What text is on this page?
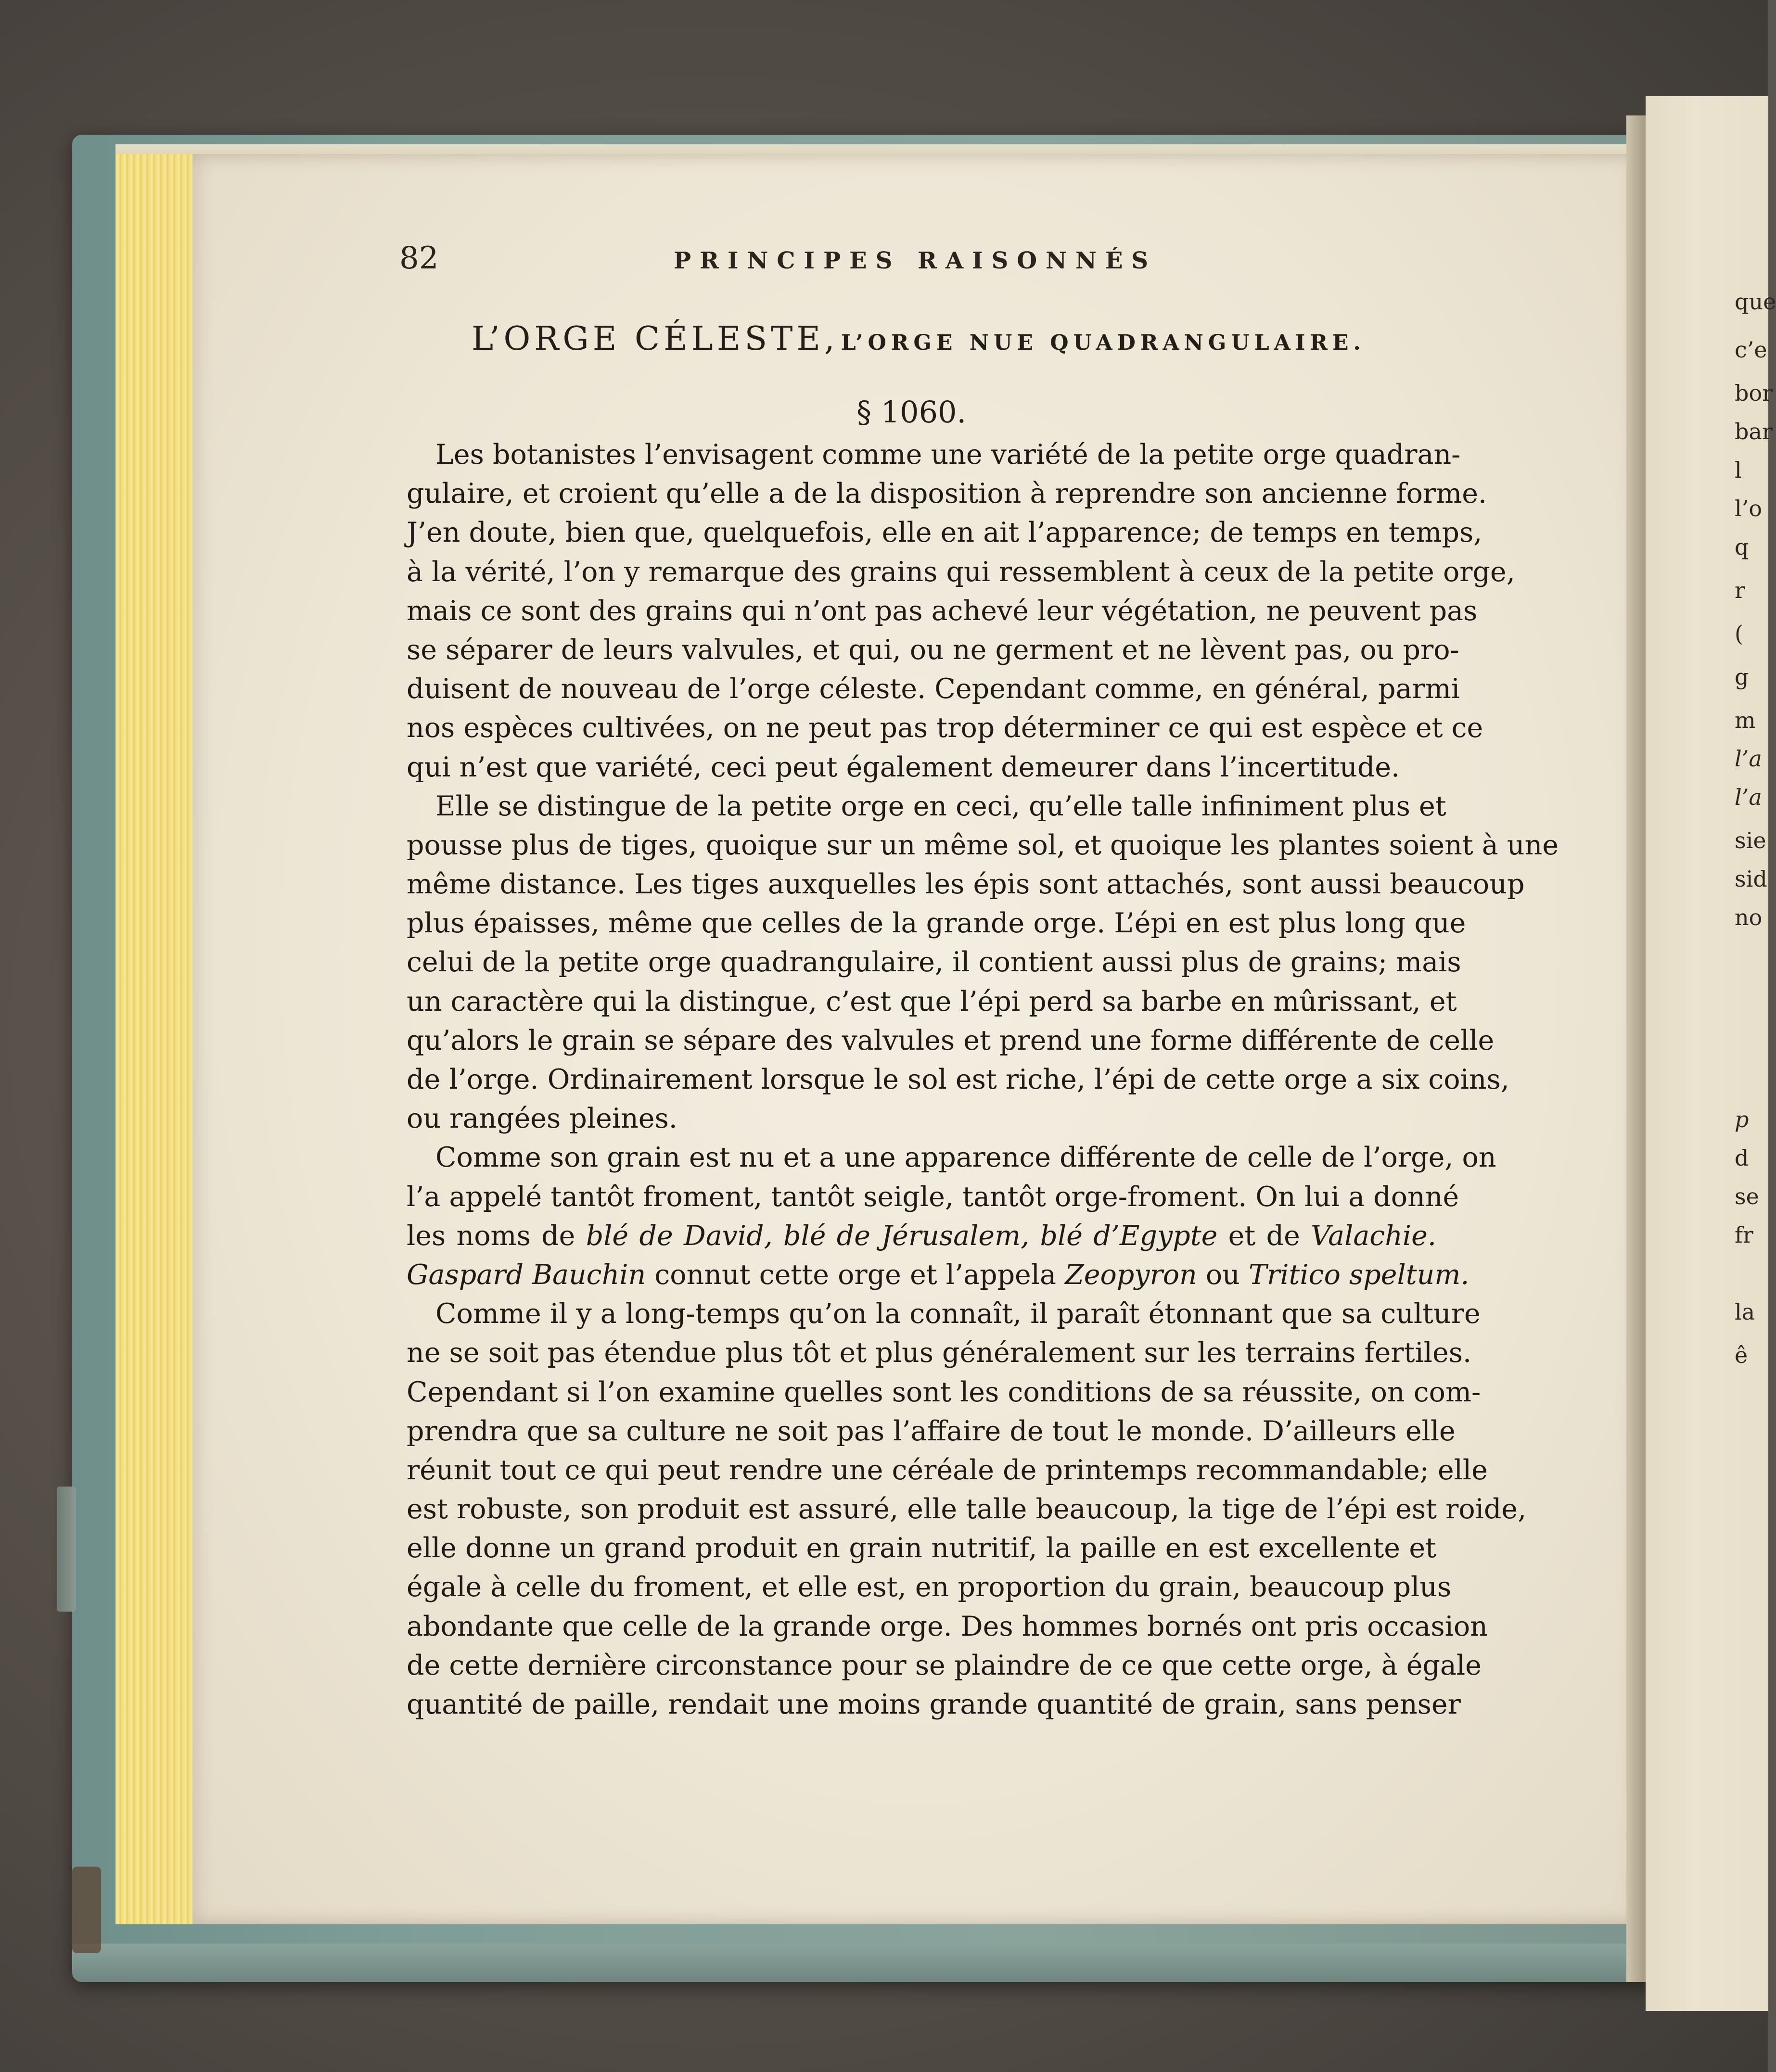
que
c’e
bor
bar
l
l’o
q
r
(
g
m
l’a
l’a
sie
sid
no
p
d
se
fr
la
ê
82	PRINCIPES RAISONNÉS
L’ORGE CÉLESTE, L’ORGE NUE QUADRANGULAIRE.
§ 1060.
Les botanistes l’envisagent comme une variété de la petite orge quadran-
gulaire, et croient qu’elle a de la disposition à reprendre son ancienne forme.
J’en doute, bien que, quelquefois, elle en ait l’apparence; de temps en temps,
à la vérité, l’on y remarque des grains qui ressemblent à ceux de la petite orge,
mais ce sont des grains qui n’ont pas achevé leur végétation, ne peuvent pas
se séparer de leurs valvules, et qui, ou ne germent et ne lèvent pas, ou pro-
duisent de nouveau de l’orge céleste. Cependant comme, en général, parmi
nos espèces cultivées, on ne peut pas trop déterminer ce qui est espèce et ce
qui n’est que variété, ceci peut également demeurer dans l’incertitude.
Elle se distingue de la petite orge en ceci, qu’elle talle infiniment plus et
pousse plus de tiges, quoique sur un même sol, et quoique les plantes soient à une
même distance. Les tiges auxquelles les épis sont attachés, sont aussi beaucoup
plus épaisses, même que celles de la grande orge. L’épi en est plus long que
celui de la petite orge quadrangulaire, il contient aussi plus de grains; mais
un caractère qui la distingue, c’est que l’épi perd sa barbe en mûrissant, et
qu’alors le grain se sépare des valvules et prend une forme différente de celle
de l’orge. Ordinairement lorsque le sol est riche, l’épi de cette orge a six coins,
ou rangées pleines.
Comme son grain est nu et a une apparence différente de celle de l’orge, on
l’a appelé tantôt froment, tantôt seigle, tantôt orge-froment. On lui a donné
les noms de blé de David, blé de Jérusalem, blé d’Egypte et de Valachie.
Gaspard Bauchin connut cette orge et l’appela Zeopyron ou Tritico speltum.
Comme il y a long-temps qu’on la connaît, il paraît étonnant que sa culture
ne se soit pas étendue plus tôt et plus généralement sur les terrains fertiles.
Cependant si l’on examine quelles sont les conditions de sa réussite, on com-
prendra que sa culture ne soit pas l’affaire de tout le monde. D’ailleurs elle
réunit tout ce qui peut rendre une céréale de printemps recommandable; elle
est robuste, son produit est assuré, elle talle beaucoup, la tige de l’épi est roide,
elle donne un grand produit en grain nutritif, la paille en est excellente et
égale à celle du froment, et elle est, en proportion du grain, beaucoup plus
abondante que celle de la grande orge. Des hommes bornés ont pris occasion
de cette dernière circonstance pour se plaindre de ce que cette orge, à égale
quantité de paille, rendait une moins grande quantité de grain, sans penser
